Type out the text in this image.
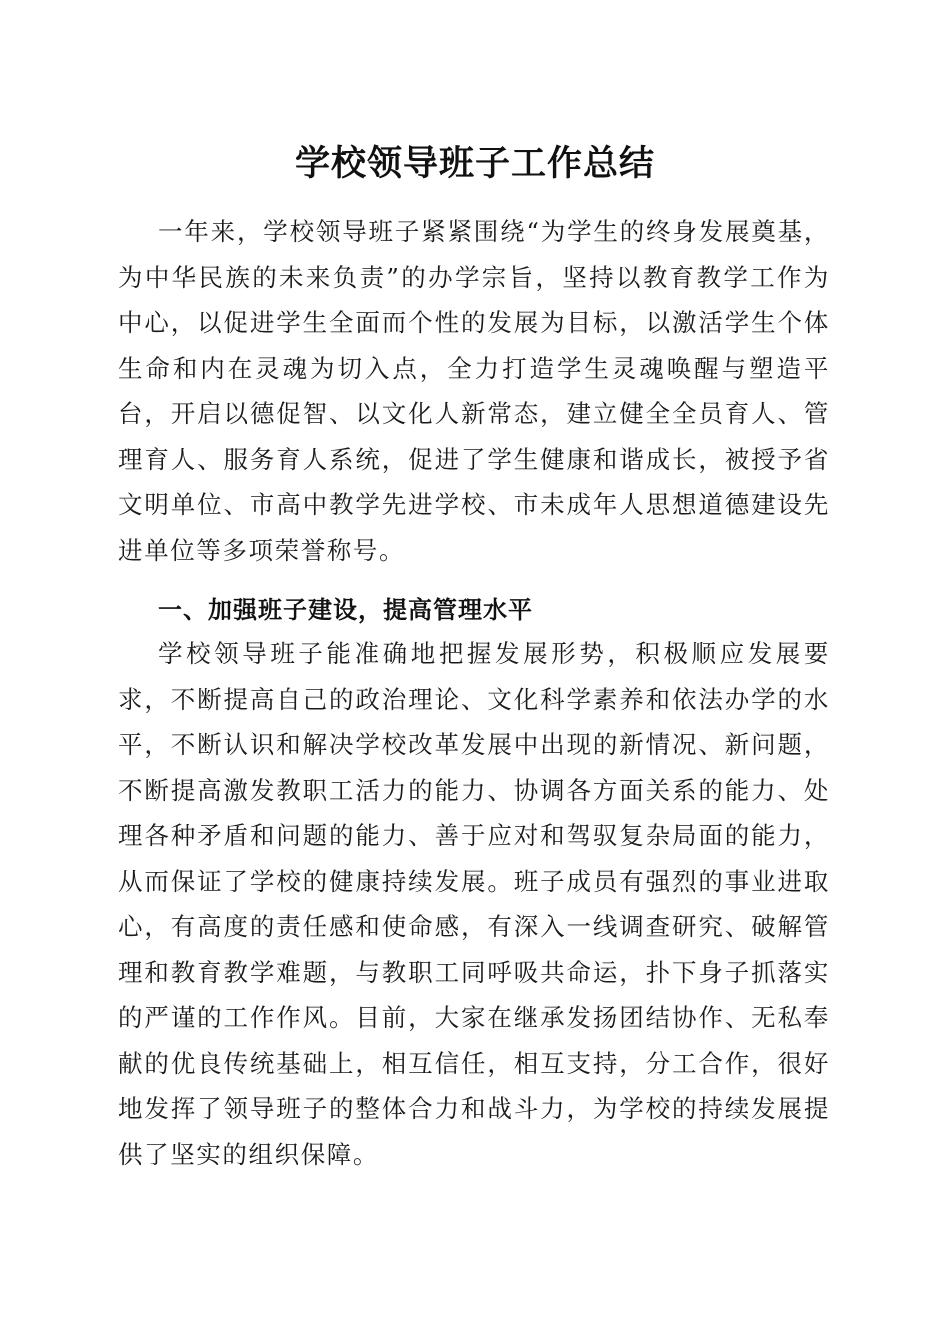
学校领导班子工作总结

一年来，学校领导班子紧紧围绕“为学生的终身发展奠基，为中华民族的未来负责”的办学宗旨，坚持以教育教学工作为中心，以促进学生全面而个性的发展为目标，以激活学生个体生命和内在灵魂为切入点，全力打造学生灵魂唤醒与塑造平台，开启以德促智、以文化人新常态，建立健全全员育人、管理育人、服务育人系统，促进了学生健康和谐成长，被授予省文明单位、市高中教学先进学校、市未成年人思想道德建设先进单位等多项荣誉称号。

一、加强班子建设，提高管理水平

学校领导班子能准确地把握发展形势，积极顺应发展要求，不断提高自己的政治理论、文化科学素养和依法办学的水平，不断认识和解决学校改革发展中出现的新情况、新问题，不断提高激发教职工活力的能力、协调各方面关系的能力、处理各种矛盾和问题的能力、善于应对和驾驭复杂局面的能力，从而保证了学校的健康持续发展。班子成员有强烈的事业进取心，有高度的责任感和使命感，有深入一线调查研究、破解管理和教育教学难题，与教职工同呼吸共命运，扑下身子抓落实的严谨的工作作风。目前，大家在继承发扬团结协作、无私奉献的优良传统基础上，相互信任，相互支持，分工合作，很好地发挥了领导班子的整体合力和战斗力，为学校的持续发展提供了坚实的组织保障。
